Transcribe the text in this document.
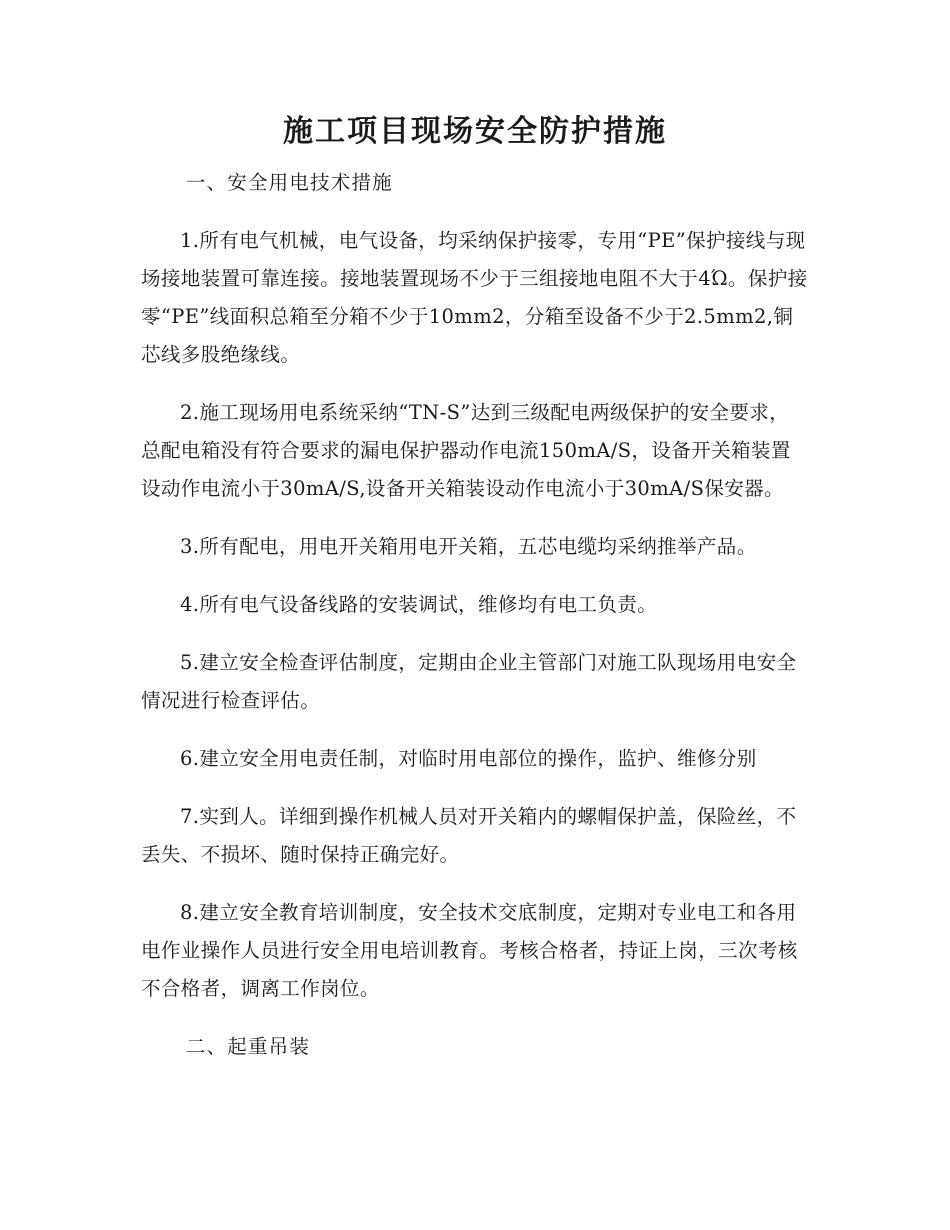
施工项目现场安全防护措施

一、安全用电技术措施

1.所有电气机械，电气设备，均采纳保护接零，专用“PE”保护接线与现场接地装置可靠连接。接地装置现场不少于三组接地电阻不大于4Ώ。保护接零“PE”线面积总箱至分箱不少于10mm2，分箱至设备不少于2.5mm2,铜芯线多股绝缘线。

2.施工现场用电系统采纳“TN-S”达到三级配电两级保护的安全要求，总配电箱没有符合要求的漏电保护器动作电流150mA/S，设备开关箱装置设动作电流小于30mA/S,设备开关箱装设动作电流小于30mA/S保安器。

3.所有配电，用电开关箱用电开关箱，五芯电缆均采纳推举产品。

4.所有电气设备线路的安装调试，维修均有电工负责。

5.建立安全检查评估制度，定期由企业主管部门对施工队现场用电安全情况进行检查评估。

6.建立安全用电责任制，对临时用电部位的操作，监护、维修分别

7.实到人。详细到操作机械人员对开关箱内的螺帽保护盖，保险丝，不丢失、不损坏、随时保持正确完好。

8.建立安全教育培训制度，安全技术交底制度，定期对专业电工和各用电作业操作人员进行安全用电培训教育。考核合格者，持证上岗，三次考核不合格者，调离工作岗位。

二、起重吊装
